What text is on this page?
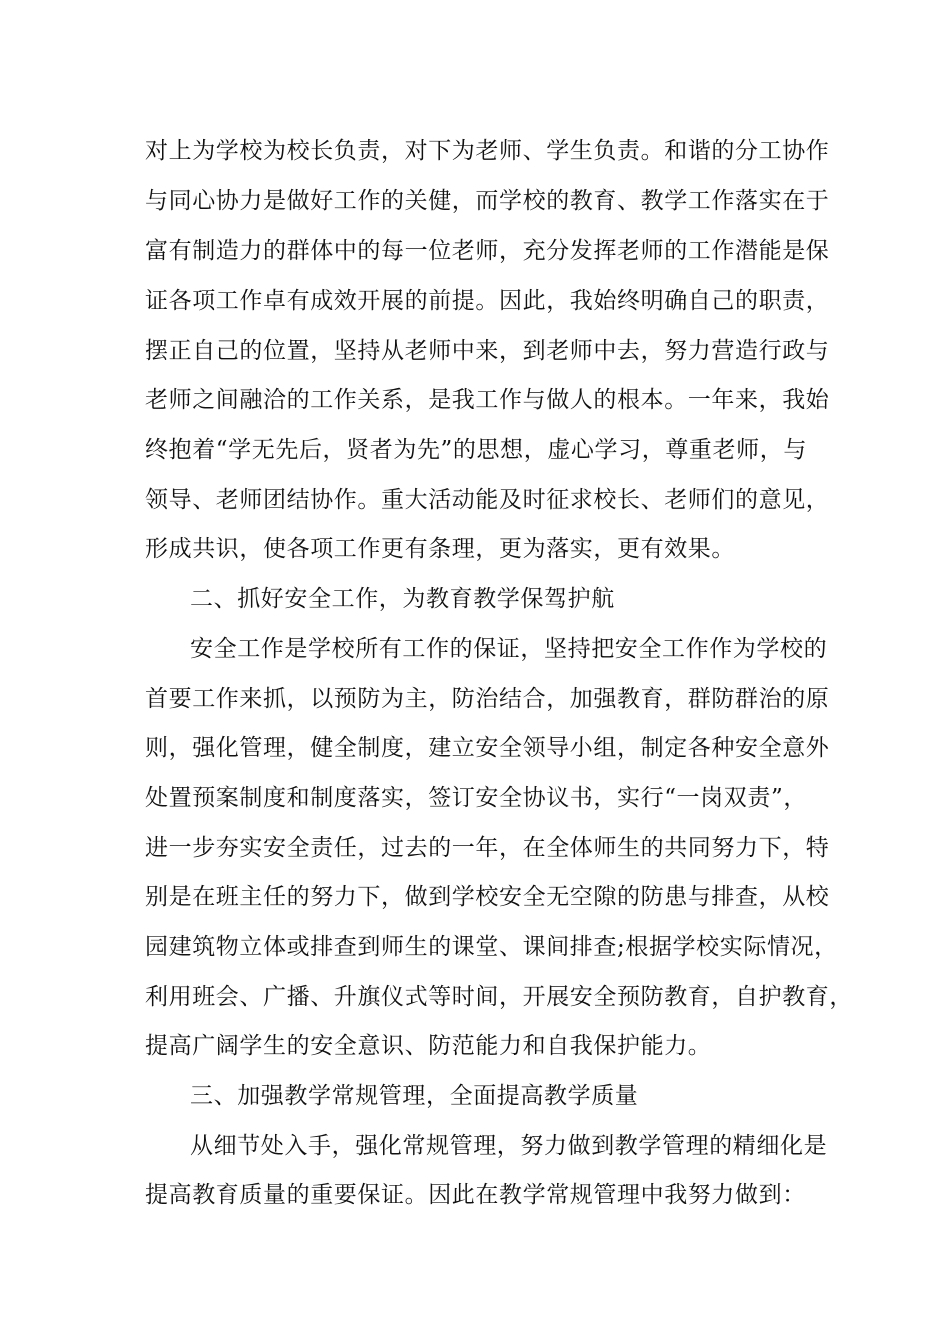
对上为学校为校长负责，对下为老师、学生负责。和谐的分工协作
与同心协力是做好工作的关健，而学校的教育、教学工作落实在于
富有制造力的群体中的每一位老师，充分发挥老师的工作潜能是保
证各项工作卓有成效开展的前提。因此，我始终明确自己的职责，
摆正自己的位置，坚持从老师中来，到老师中去，努力营造行政与
老师之间融洽的工作关系，是我工作与做人的根本。一年来，我始
终抱着“学无先后，贤者为先”的思想，虚心学习，尊重老师，与
领导、老师团结协作。重大活动能及时征求校长、老师们的意见，
形成共识，使各项工作更有条理，更为落实，更有效果。
二、抓好安全工作，为教育教学保驾护航
安全工作是学校所有工作的保证，坚持把安全工作作为学校的
首要工作来抓，以预防为主，防治结合，加强教育，群防群治的原
则，强化管理，健全制度，建立安全领导小组，制定各种安全意外
处置预案制度和制度落实，签订安全协议书，实行“一岗双责”，
进一步夯实安全责任，过去的一年，在全体师生的共同努力下，特
别是在班主任的努力下，做到学校安全无空隙的防患与排查，从校
园建筑物立体或排查到师生的课堂、课间排查;根据学校实际情况，
利用班会、广播、升旗仪式等时间，开展安全预防教育，自护教育，
提高广阔学生的安全意识、防范能力和自我保护能力。
三、加强教学常规管理，全面提高教学质量
从细节处入手，强化常规管理，努力做到教学管理的精细化是
提高教育质量的重要保证。因此在教学常规管理中我努力做到：
